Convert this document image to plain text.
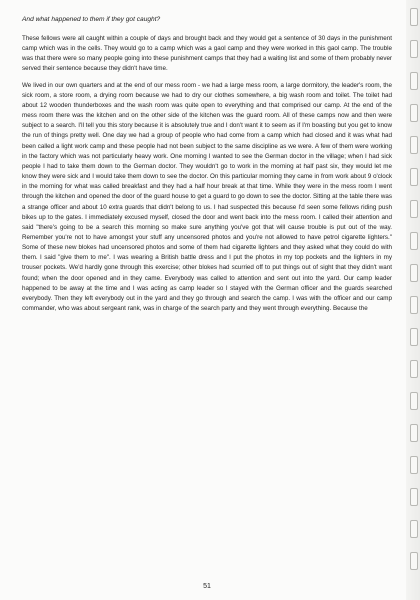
And what happened to them if they got caught?

These fellows were all caught within a couple of days and brought back and they would get a sentence of 30 days in the punishment camp which was in the cells. They would go to a camp which was a gaol camp and they were worked in this gaol camp. The trouble was that there were so many people going into these punishment camps that they had a waiting list and some of them probably never served their sentence because they didn't have time.

We lived in our own quarters and at the end of our mess room - we had a large mess room, a large dormitory, the leader's room, the sick room, a store room, a drying room because we had to dry our clothes somewhere, a big wash room and toilet. The toilet had about 12 wooden thunderboxes and the wash room was quite open to everything and that comprised our camp. At the end of the mess room there was the kitchen and on the other side of the kitchen was the guard room. All of these camps now and then were subject to a search. I'll tell you this story because it is absolutely true and I don't want it to seem as if I'm boasting but you get to know the run of things pretty well. One day we had a group of people who had come from a camp which had closed and it was what had been called a light work camp and these people had not been subject to the same discipline as we were. A few of them were working in the factory which was not particularly heavy work. One morning I wanted to see the German doctor in the village; when I had sick people I had to take them down to the German doctor. They wouldn't go to work in the morning at half past six, they would let me know they were sick and I would take them down to see the doctor. On this particular morning they came in from work about 9 o'clock in the morning for what was called breakfast and they had a half hour break at that time. While they were in the mess room I went through the kitchen and opened the door of the guard house to get a guard to go down to see the doctor. Sitting at the table there was a strange officer and about 10 extra guards that didn't belong to us. I had suspected this because I'd seen some fellows riding push bikes up to the gates. I immediately excused myself, closed the door and went back into the mess room. I called their attention and said "there's going to be a search this morning so make sure anything you've got that will cause trouble is put out of the way. Remember you're not to have amongst your stuff any uncensored photos and you're not allowed to have petrol cigarette lighters." Some of these new blokes had uncensored photos and some of them had cigarette lighters and they asked what they could do with them. I said "give them to me". I was wearing a British battle dress and I put the photos in my top pockets and the lighters in my trouser pockets. We'd hardly gone through this exercise; other blokes had scurried off to put things out of sight that they didn't want found; when the door opened and in they came. Everybody was called to attention and sent out into the yard. Our camp leader happened to be away at the time and I was acting as camp leader so I stayed with the German officer and the guards searched everybody. Then they left everybody out in the yard and they go through and search the camp. I was with the officer and our camp commander, who was about sergeant rank, was in charge of the search party and they went through everything. Because the

51
